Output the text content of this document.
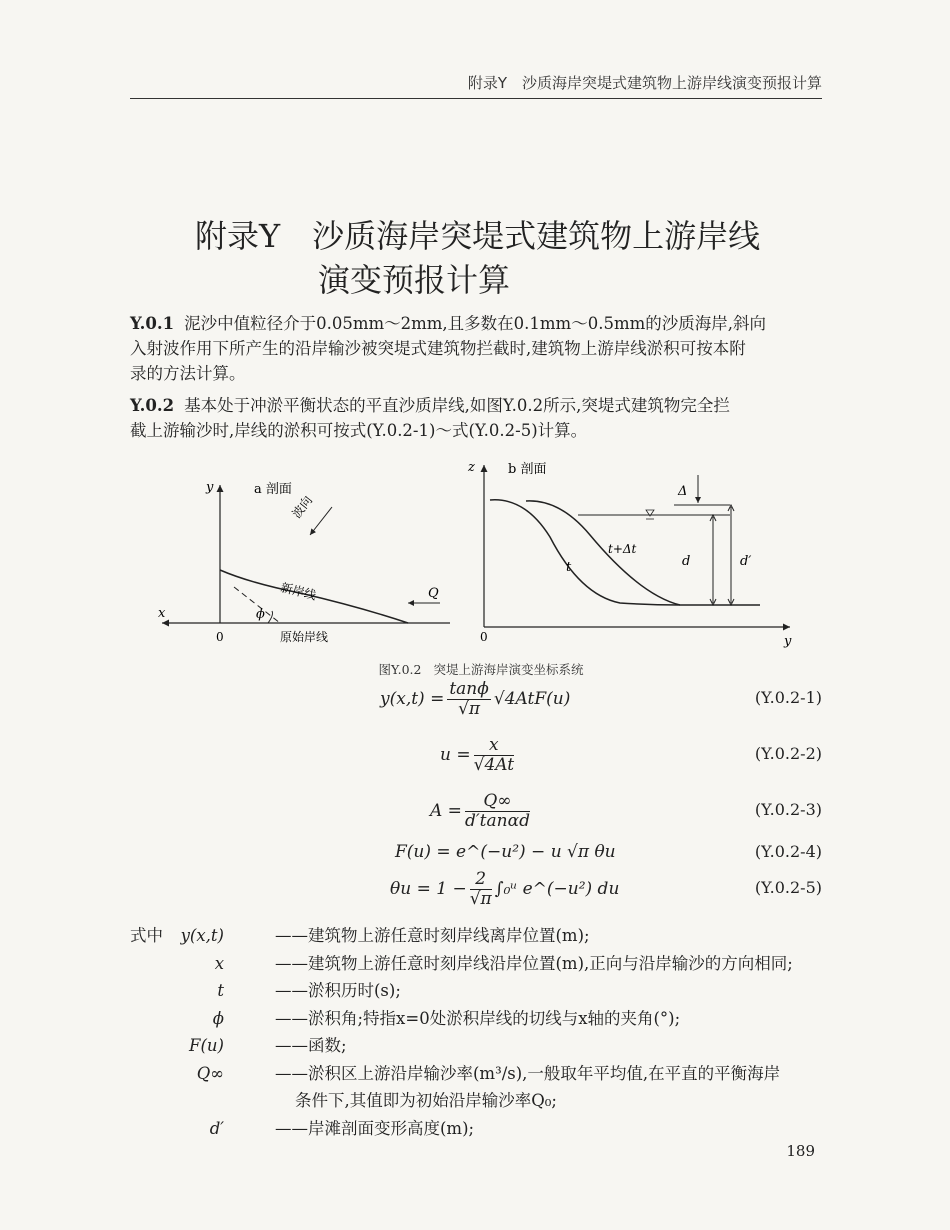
附录Y　沙质海岸突堤式建筑物上游岸线演变预报计算
附录Y　沙质海岸突堤式建筑物上游岸线
演变预报计算
Y.0.1 泥沙中值粒径介于0.05mm～2mm,且多数在0.1mm～0.5mm的沙质海岸,斜向
入射波作用下所产生的沿岸输沙被突堤式建筑物拦截时,建筑物上游岸线淤积可按本附
录的方法计算。
Y.0.2 基本处于冲淤平衡状态的平直沙质岸线,如图Y.0.2所示,突堤式建筑物完全拦
截上游输沙时,岸线的淤积可按式(Y.0.2-1)～式(Y.0.2-5)计算。
y	a 剖面
x
0
ϕ
新岸线
原始岸线
波向
Q
z	b 剖面
y
0
Δ
d	d′
t
t+Δt
图Y.0.2 突堤上游海岸演变坐标系统
$y(x,t) = \frac{\tan\phi}{√\pi} √4AtF(u)$	(Y.0.2-1)
$u = \frac{x}{√4At}$	(Y.0.2-2)
$A = \frac{Q\infty}{d'\tan\alpha d}$	(Y.0.2-3)
F(u) = e^(−u²) − u √π θu	(Y.0.2-4)
$\theta u = 1 - \frac{2}{√\pi}$ ∫₀ᵘ e^(−u²) du	(Y.0.2-5)
式中 y(x,t)	——建筑物上游任意时刻岸线离岸位置(m);
x	——建筑物上游任意时刻岸线沿岸位置(m),正向与沿岸输沙的方向相同;
t	——淤积历时(s);
ϕ	——淤积角;特指x=0处淤积岸线的切线与x轴的夹角(°);
F(u)	——函数;
Q∞	——淤积区上游沿岸输沙率(m³/s),一般取年平均值,在平直的平衡海岸
条件下,其值即为初始沿岸输沙率Q₀;
d′	——岸滩剖面变形高度(m);
189
